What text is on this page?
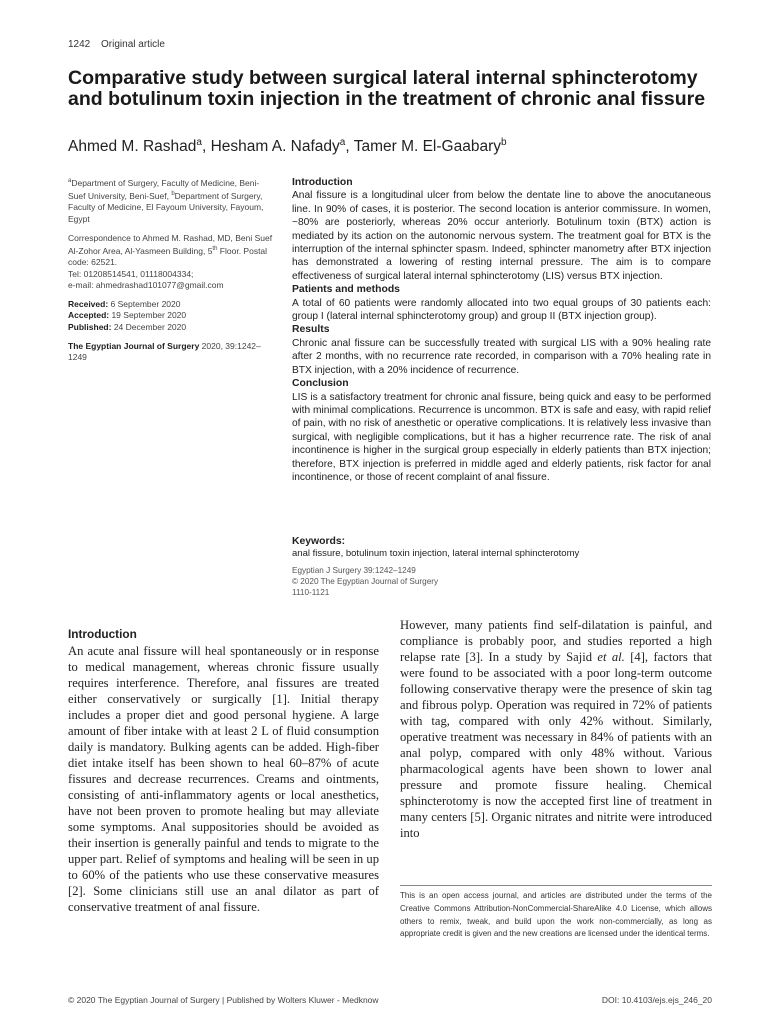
1242 Original article
Comparative study between surgical lateral internal sphincterotomy and botulinum toxin injection in the treatment of chronic anal fissure
Ahmed M. Rashad$^a$, Hesham A. Nafady$^a$, Tamer M. El-Gaabary$^b$

$^a$Department of Surgery, Faculty of Medicine, Beni-Suef University, Beni-Suef, $^b$Department of Surgery, Faculty of Medicine, El Fayoum University, Fayoum, Egypt

Correspondence to Ahmed M. Rashad, MD, Beni Suef Al-Zohor Area, Al-Yasmeen Building, 5th Floor. Postal code: 62521.
Tel: 01208514541, 01118004334;
e-mail: ahmedrashad101077@gmail.com

Received: 6 September 2020
Accepted: 19 September 2020
Published: 24 December 2020

The Egyptian Journal of Surgery 2020, 39:1242–1249

Introduction

Anal fissure is a longitudinal ulcer from below the dentate line to above the anocutaneous line. In 90% of cases, it is posterior. The second location is anterior commissure. In women, ~80% are posteriorly, whereas 20% occur anteriorly. Botulinum toxin (BTX) action is mediated by its action on the autonomic nervous system. The treatment goal for BTX is the interruption of the internal sphincter spasm. Indeed, sphincter manometry after BTX injection has demonstrated a lowering of resting internal pressure. The aim is to compare effectiveness of surgical lateral internal sphincterotomy (LIS) versus BTX injection.

Patients and methods

A total of 60 patients were randomly allocated into two equal groups of 30 patients each: group I (lateral internal sphincterotomy group) and group II (BTX injection group).

Results

Chronic anal fissure can be successfully treated with surgical LIS with a 90% healing rate after 2 months, with no recurrence rate recorded, in comparison with a 70% healing rate in BTX injection, with a 20% incidence of recurrence.

Conclusion

LIS is a satisfactory treatment for chronic anal fissure, being quick and easy to be performed with minimal complications. Recurrence is uncommon. BTX is safe and easy, with rapid relief of pain, with no risk of anesthetic or operative complications. It is relatively less invasive than surgical, with negligible complications, but it has a higher recurrence rate. The risk of anal incontinence is higher in the surgical group especially in elderly patients than BTX injection; therefore, BTX injection is preferred in middle aged and elderly patients, risk factor for anal incontinence, or those of recent complaint of anal fissure.

Keywords:

anal fissure, botulinum toxin injection, lateral internal sphincterotomy

Egyptian J Surgery 39:1242–1249
© 2020 The Egyptian Journal of Surgery
1110-1121
Introduction

An acute anal fissure will heal spontaneously or in response to medical management, whereas chronic fissure usually requires interference. Therefore, anal fissures are treated either conservatively or surgically [1]. Initial therapy includes a proper diet and good personal hygiene. A large amount of fiber intake with at least 2 L of fluid consumption daily is mandatory. Bulking agents can be added. High-fiber diet intake itself has been shown to heal 60–87% of acute fissures and decrease recurrences. Creams and ointments, consisting of anti-inflammatory agents or local anesthetics, have not been proven to promote healing but may alleviate some symptoms. Anal suppositories should be avoided as their insertion is generally painful and tends to migrate to the upper part. Relief of symptoms and healing will be seen in up to 60% of the patients who use these conservative measures [2]. Some clinicians still use an anal dilator as part of conservative treatment of anal fissure.

However, many patients find self-dilatation is painful, and compliance is probably poor, and studies reported a high relapse rate [3]. In a study by Sajid et al. [4], factors that were found to be associated with a poor long-term outcome following conservative therapy were the presence of skin tag and fibrous polyp. Operation was required in 72% of patients with tag, compared with only 42% without. Similarly, operative treatment was necessary in 84% of patients with an anal polyp, compared with only 48% without. Various pharmacological agents have been shown to lower anal pressure and promote fissure healing. Chemical sphincterotomy is now the accepted first line of treatment in many centers [5]. Organic nitrates and nitrite were introduced into

This is an open access journal, and articles are distributed under the terms of the Creative Commons Attribution-NonCommercial-ShareAlike 4.0 License, which allows others to remix, tweak, and build upon the work non-commercially, as long as appropriate credit is given and the new creations are licensed under the identical terms.
© 2020 The Egyptian Journal of Surgery | Published by Wolters Kluwer - Medknow	DOI: 10.4103/ejs.ejs_246_20
